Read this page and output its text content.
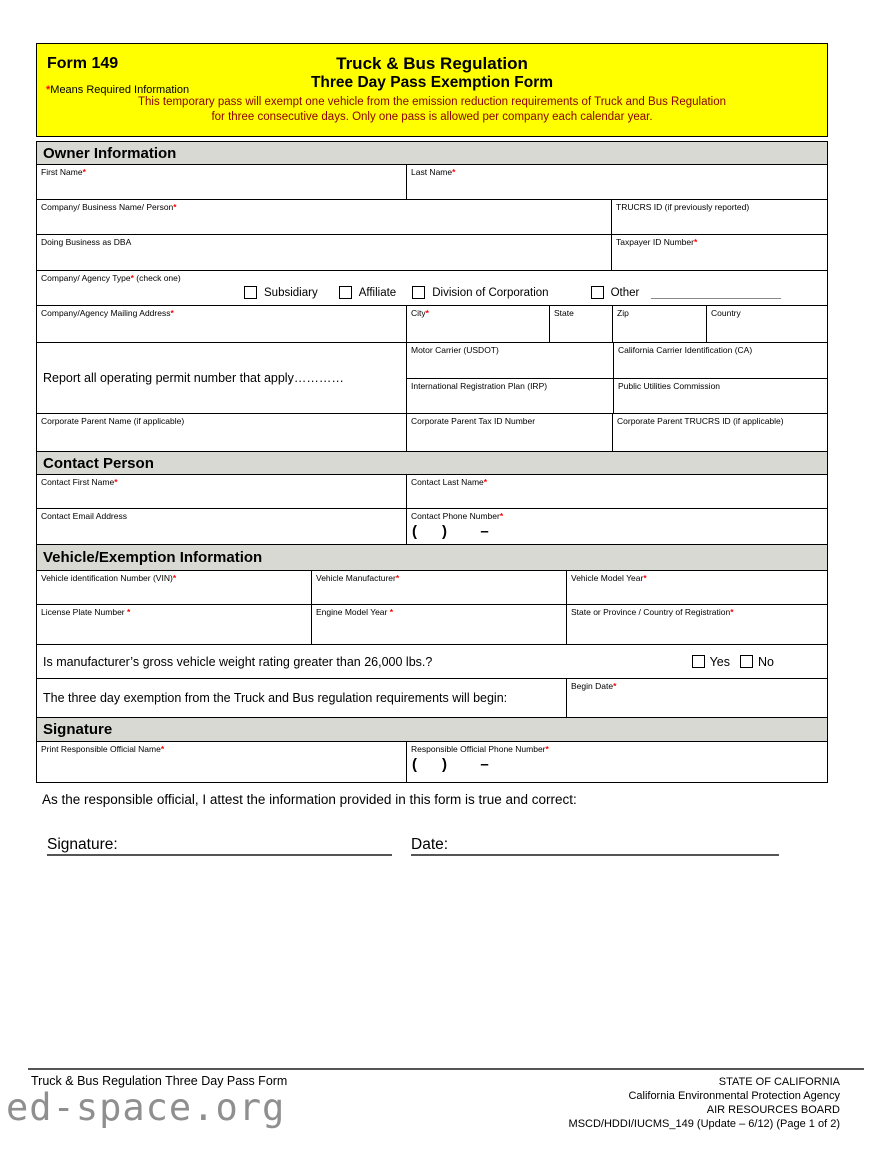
Form 149
*Means Required Information
Truck & Bus Regulation
Three Day Pass Exemption Form
This temporary pass will exempt one vehicle from the emission reduction requirements of Truck and Bus Regulation
for three consecutive days. Only one pass is allowed per company each calendar year.
Owner Information
First Name*	Last Name*
Company/ Business Name/ Person*	TRUCRS ID (if previously reported)
Doing Business as DBA	Taxpayer ID Number*
Company/ Agency Type* (check one)
Subsidiary	Affiliate	Division of Corporation	Other
Company/Agency Mailing Address*	City*	State	Zip	Country
Report all operating permit number that apply…………
Motor Carrier (USDOT)	California Carrier Identification (CA)
International Registration Plan (IRP)	Public Utilities Commission
Corporate Parent Name (if applicable)	Corporate Parent Tax ID Number	Corporate Parent TRUCRS ID (if applicable)
Contact Person
Contact First Name*	Contact Last Name*
Contact Email Address	Contact Phone Number*
(      )        –
Vehicle/Exemption Information
Vehicle identification Number (VIN)*	Vehicle Manufacturer*	Vehicle Model Year*
License Plate Number *	Engine Model Year *	State or Province / Country of Registration*
Is manufacturer’s gross vehicle weight rating greater than 26,000 lbs.?	Yes No
The three day exemption from the Truck and Bus regulation requirements will begin:
Begin Date*
Signature
Print Responsible Official Name*	Responsible Official Phone Number*
(      )        –
As the responsible official, I attest the information provided in this form is true and correct:
Signature:	Date:
Truck & Bus Regulation Three Day Pass Form
ed-space.org
STATE OF CALIFORNIA
California Environmental Protection Agency
AIR RESOURCES BOARD
MSCD/HDDI/IUCMS_149 (Update – 6/12) (Page 1 of 2)
